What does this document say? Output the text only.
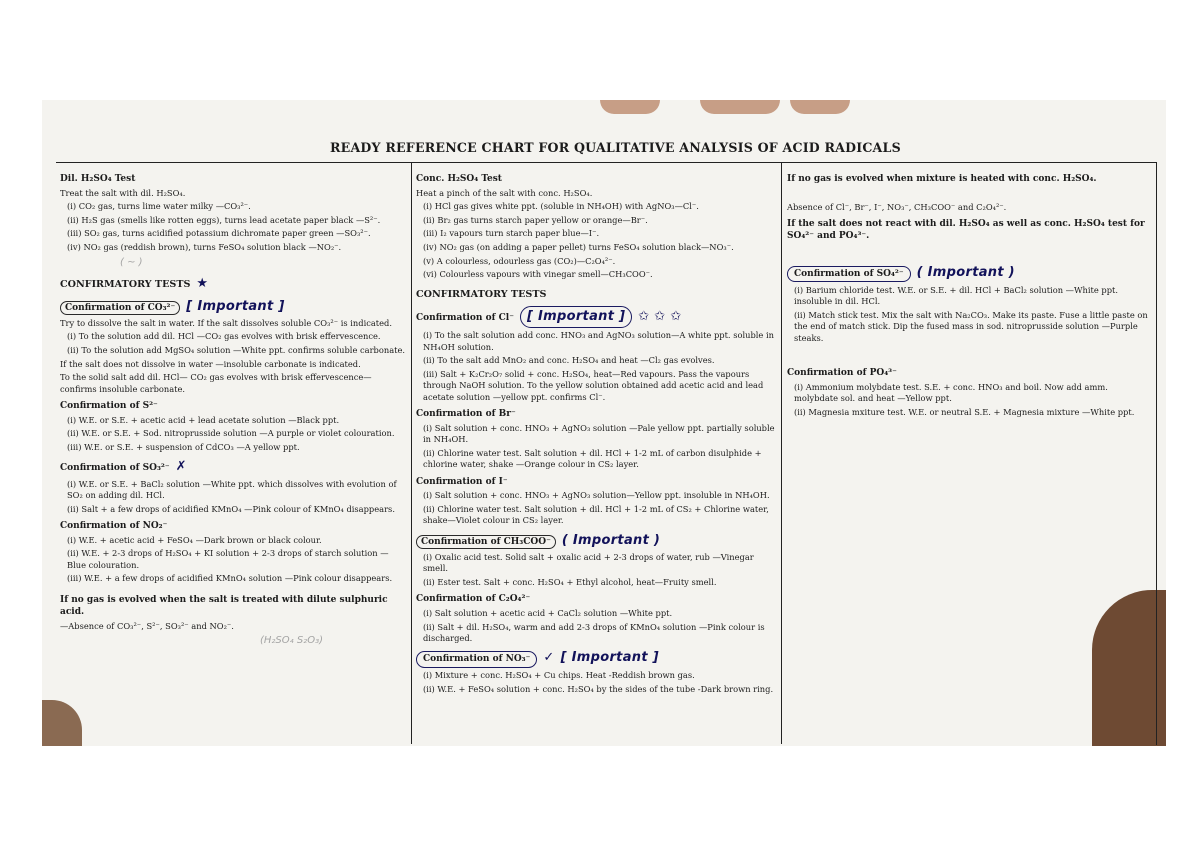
READY REFERENCE CHART FOR QUALITATIVE ANALYSIS OF ACID RADICALS

Dil. H₂SO₄ Test

Treat the salt with dil. H₂SO₄.

(i) CO₂ gas, turns lime water milky —CO₃²⁻.

(ii) H₂S gas (smells like rotten eggs), turns lead acetate paper black —S²⁻.

(iii) SO₂ gas, turns acidified potassium dichromate paper green —SO₃²⁻.

(iv) NO₂ gas (reddish brown), turns FeSO₄ solution black —NO₂⁻.

( ~ )

CONFIRMATORY TESTS ★

Confirmation of CO₃²⁻ [ Important ]

Try to dissolve the salt in water. If the salt dissolves soluble CO₃²⁻ is indicated.

(i) To the solution add dil. HCl —CO₂ gas evolves with brisk effervescence.

(ii) To the solution add MgSO₄ solution —White ppt. confirms soluble carbonate.

If the salt does not dissolve in water —insoluble carbonate is indicated.

To the solid salt add dil. HCl— CO₂ gas evolves with brisk effervescence—confirms insoluble carbonate.

Confirmation of S²⁻

(i) W.E. or S.E. + acetic acid + lead acetate solution —Black ppt.

(ii) W.E. or S.E. + Sod. nitroprusside solution —A purple or violet colouration.

(iii) W.E. or S.E. + suspension of CdCO₃ —A yellow ppt.

Confirmation of SO₃²⁻ ✗

(i) W.E. or S.E. + BaCl₂ solution —White ppt. which dissolves with evolution of SO₂ on adding dil. HCl.

(ii) Salt + a few drops of acidified KMnO₄ —Pink colour of KMnO₄ disappears.

Confirmation of NO₂⁻

(i) W.E. + acetic acid + FeSO₄ —Dark brown or black colour.

(ii) W.E. + 2-3 drops of H₂SO₄ + KI solution + 2-3 drops of starch solution —Blue colouration.

(iii) W.E. + a few drops of acidified KMnO₄ solution —Pink colour disappears.

If no gas is evolved when the salt is treated with dilute sulphuric acid.

—Absence of CO₃²⁻, S²⁻, SO₃²⁻ and NO₂⁻.

(H₂SO₄ S₂O₃)

Conc. H₂SO₄ Test

Heat a pinch of the salt with conc. H₂SO₄.

(i) HCl gas gives white ppt. (soluble in NH₄OH) with AgNO₃—Cl⁻.

(ii) Br₂ gas turns starch paper yellow or orange—Br⁻.

(iii) I₂ vapours turn starch paper blue—I⁻.

(iv) NO₂ gas (on adding a paper pellet) turns FeSO₄ solution black—NO₃⁻.

(v) A colourless, odourless gas (CO₂)—C₂O₄²⁻.

(vi) Colourless vapours with vinegar smell—CH₃COO⁻.

CONFIRMATORY TESTS

Confirmation of Cl⁻ [ Important ] ✩ ✩ ✩

(i) To the salt solution add conc. HNO₃ and AgNO₃ solution—A white ppt. soluble in NH₄OH solution.

(ii) To the salt add MnO₂ and conc. H₂SO₄ and heat —Cl₂ gas evolves.

(iii) Salt + K₂Cr₂O₇ solid + conc. H₂SO₄, heat—Red vapours. Pass the vapours through NaOH solution. To the yellow solution obtained add acetic acid and lead acetate solution —yellow ppt. confirms Cl⁻.

Confirmation of Br⁻

(i) Salt solution + conc. HNO₃ + AgNO₃ solution —Pale yellow ppt. partially soluble in NH₄OH.

(ii) Chlorine water test. Salt solution + dil. HCl + 1-2 mL of carbon disulphide + chlorine water, shake —Orange colour in CS₂ layer.

Confirmation of I⁻

(i) Salt solution + conc. HNO₃ + AgNO₃ solution—Yellow ppt. insoluble in NH₄OH.

(ii) Chlorine water test. Salt solution + dil. HCl + 1-2 mL of CS₂ + Chlorine water, shake—Violet colour in CS₂ layer.

Confirmation of CH₃COO⁻ ( Important )

(i) Oxalic acid test. Solid salt + oxalic acid + 2-3 drops of water, rub —Vinegar smell.

(ii) Ester test. Salt + conc. H₂SO₄ + Ethyl alcohol, heat—Fruity smell.

Confirmation of C₂O₄²⁻

(i) Salt solution + acetic acid + CaCl₂ solution —White ppt.

(ii) Salt + dil. H₂SO₄, warm and add 2-3 drops of KMnO₄ solution —Pink colour is discharged.

Confirmation of NO₃⁻ ✓ [ Important ]

(i) Mixture + conc. H₂SO₄ + Cu chips. Heat -Reddish brown gas.

(ii) W.E. + FeSO₄ solution + conc. H₂SO₄ by the sides of the tube -Dark brown ring.

If no gas is evolved when mixture is heated with conc. H₂SO₄.

Absence of Cl⁻, Br⁻, I⁻, NO₃⁻, CH₃COO⁻ and C₂O₄²⁻.

If the salt does not react with dil. H₂SO₄ as well as conc. H₂SO₄ test for SO₄²⁻ and PO₄³⁻.

Confirmation of SO₄²⁻ ( Important )

(i) Barium chloride test. W.E. or S.E. + dil. HCl + BaCl₂ solution —White ppt. insoluble in dil. HCl.

(ii) Match stick test. Mix the salt with Na₂CO₃. Make its paste. Fuse a little paste on the end of match stick. Dip the fused mass in sod. nitroprusside solution —Purple steaks.

Confirmation of PO₄³⁻

(i) Ammonium molybdate test. S.E. + conc. HNO₃ and boil. Now add amm. molybdate sol. and heat —Yellow ppt.

(ii) Magnesia mxiture test. W.E. or neutral S.E. + Magnesia mixture —White ppt.
